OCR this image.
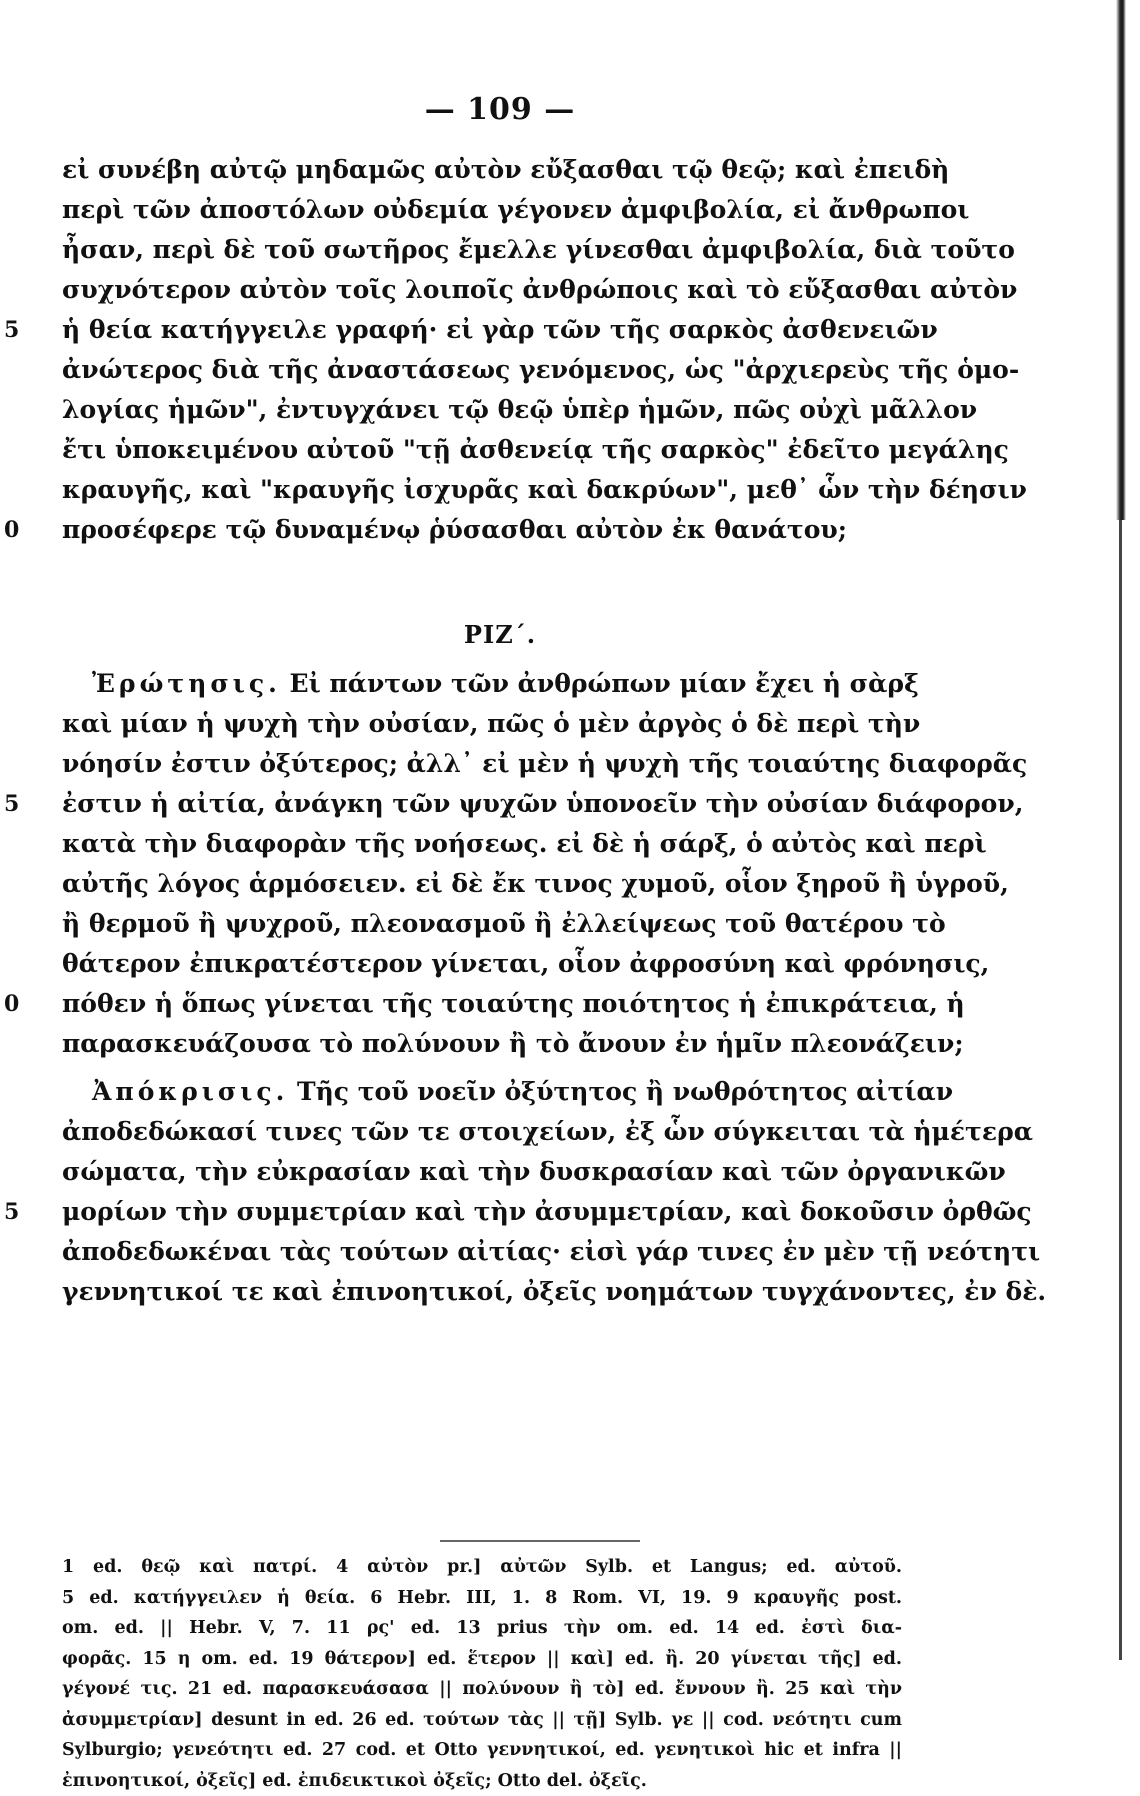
— 109 —
εἰ συνέβη αὐτῷ μηδαμῶς αὐτὸν εὔξασθαι τῷ θεῷ; καὶ ἐπειδὴ
περὶ τῶν ἀποστόλων οὐδεμία γέγονεν ἀμφιβολία, εἰ ἄνθρωποι
ἦσαν, περὶ δὲ τοῦ σωτῆρος ἔμελλε γίνεσθαι ἀμφιβολία, διὰ τοῦτο
συχνότερον αὐτὸν τοῖς λοιποῖς ἀνθρώποις καὶ τὸ εὔξασθαι αὐτὸν
5 ἡ θεία κατήγγειλε γραφή· εἰ γὰρ τῶν τῆς σαρκὸς ἀσθενειῶν
ἀνώτερος διὰ τῆς ἀναστάσεως γενόμενος, ὡς "ἀρχιερεὺς τῆς ὁμο-
λογίας ἡμῶν", ἐντυγχάνει τῷ θεῷ ὑπὲρ ἡμῶν, πῶς οὐχὶ μᾶλλον
ἔτι ὑποκειμένου αὐτοῦ "τῇ ἀσθενείᾳ τῆς σαρκὸς" ἐδεῖτο μεγάλης
κραυγῆς, καὶ "κραυγῆς ἰσχυρᾶς καὶ δακρύων", μεθ᾽ ὧν τὴν δέησιν
0 προσέφερε τῷ δυναμένῳ ῥύσασθαι αὐτὸν ἐκ θανάτου;
ΡΙΖ΄.
Ἐρώτησις. Εἰ πάντων τῶν ἀνθρώπων μίαν ἔχει ἡ σὰρξ
καὶ μίαν ἡ ψυχὴ τὴν οὐσίαν, πῶς ὁ μὲν ἀργὸς ὁ δὲ περὶ τὴν
νόησίν ἐστιν ὀξύτερος; ἀλλ᾽ εἰ μὲν ἡ ψυχὴ τῆς τοιαύτης διαφορᾶς
5 ἐστιν ἡ αἰτία, ἀνάγκη τῶν ψυχῶν ὑπονοεῖν τὴν οὐσίαν διάφορον,
κατὰ τὴν διαφορὰν τῆς νοήσεως. εἰ δὲ ἡ σάρξ, ὁ αὐτὸς καὶ περὶ
αὐτῆς λόγος ἁρμόσειεν. εἰ δὲ ἔκ τινος χυμοῦ, οἷον ξηροῦ ἢ ὑγροῦ,
ἢ θερμοῦ ἢ ψυχροῦ, πλεονασμοῦ ἢ ἐλλείψεως τοῦ θατέρου τὸ
θάτερον ἐπικρατέστερον γίνεται, οἷον ἀφροσύνη καὶ φρόνησις,
0 πόθεν ἡ ὅπως γίνεται τῆς τοιαύτης ποιότητος ἡ ἐπικράτεια, ἡ
παρασκευάζουσα τὸ πολύνουν ἢ τὸ ἄνουν ἐν ἡμῖν πλεονάζειν;
Ἀπόκρισις. Τῆς τοῦ νοεῖν ὀξύτητος ἢ νωθρότητος αἰτίαν
ἀποδεδώκασί τινες τῶν τε στοιχείων, ἐξ ὧν σύγκειται τὰ ἡμέτερα
σώματα, τὴν εὐκρασίαν καὶ τὴν δυσκρασίαν καὶ τῶν ὀργανικῶν
5 μορίων τὴν συμμετρίαν καὶ τὴν ἀσυμμετρίαν, καὶ δοκοῦσιν ὀρθῶς
ἀποδεδωκέναι τὰς τούτων αἰτίας· εἰσὶ γάρ τινες ἐν μὲν τῇ νεότητι
γεννητικοί τε καὶ ἐπινοητικοί, ὀξεῖς νοημάτων τυγχάνοντες, ἐν δὲ.
1 ed. θεῷ καὶ πατρί. 4 αὐτὸν pr.] αὐτῶν Sylb. et Langus; ed. αὐτοῦ.
5 ed. κατήγγειλεν ἡ θεία. 6 Hebr. III, 1. 8 Rom. VI, 19. 9 κραυγῆς post.
om. ed. || Hebr. V, 7. 11 ρς' ed. 13 prius τὴν om. ed. 14 ed. ἐστὶ δια-
φορᾶς. 15 η om. ed. 19 θάτερον] ed. ἕτερον || καὶ] ed. ἢ. 20 γίνεται τῆς] ed.
γέγονέ τις. 21 ed. παρασκευάσασα || πολύνουν ἢ τὸ] ed. ἔννουν ἢ. 25 καὶ τὴν
ἀσυμμετρίαν] desunt in ed. 26 ed. τούτων τὰς || τῇ] Sylb. γε || cod. νεότητι cum
Sylburgio; γενεότητι ed. 27 cod. et Otto γεννητικοί, ed. γενητικοὶ hic et infra ||
ἐπινοητικοί, ὀξεῖς] ed. ἐπιδεικτικοὶ ὀξεῖς; Otto del. ὀξεῖς.
